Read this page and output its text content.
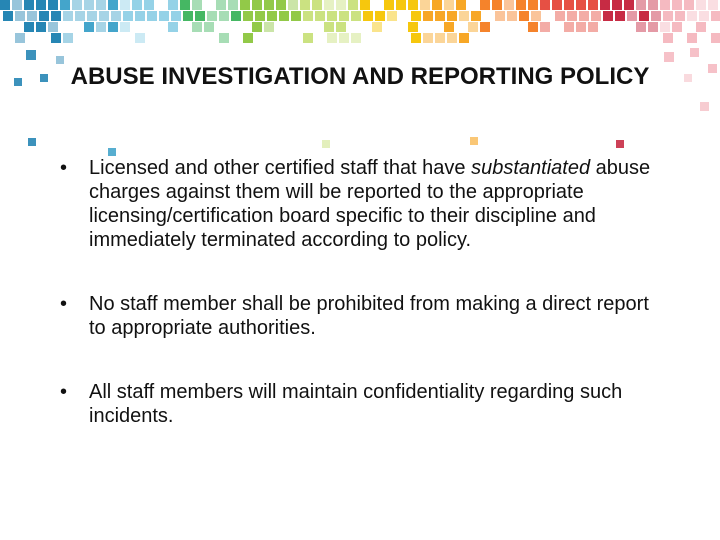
ABUSE INVESTIGATION AND REPORTING POLICY
• Licensed and other certified staff that have substantiated abuse charges against them will be reported to the appropriate licensing/certification board specific to their discipline and immediately terminated according to policy.
• No staff member shall be prohibited from making a direct report to appropriate authorities.
• All staff members will maintain confidentiality regarding such incidents.
